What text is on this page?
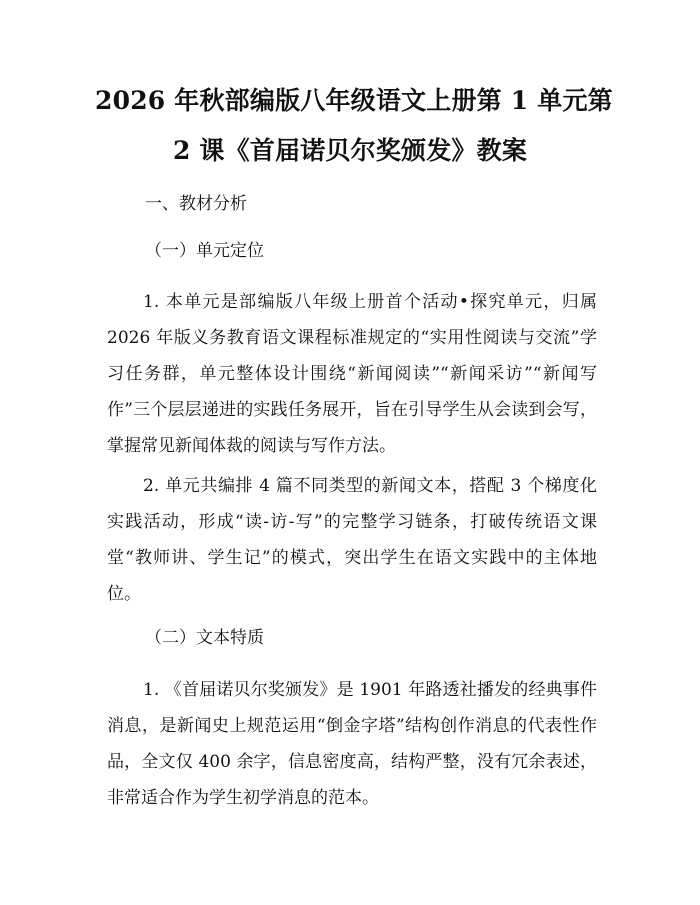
2026 年秋部编版八年级语文上册第 1 单元第
2 课《首届诺贝尔奖颁发》教案
一、教材分析
（一）单元定位

1. 本单元是部编版八年级上册首个活动•探究单元，归属 2026 年版义务教育语文课程标准规定的“实用性阅读与交流”学习任务群，单元整体设计围绕“新闻阅读”“新闻采访”“新闻写作”三个层层递进的实践任务展开，旨在引导学生从会读到会写，掌握常见新闻体裁的阅读与写作方法。

2. 单元共编排 4 篇不同类型的新闻文本，搭配 3 个梯度化实践活动，形成“读-访-写”的完整学习链条，打破传统语文课堂“教师讲、学生记”的模式，突出学生在语文实践中的主体地位。

（二）文本特质

1. 《首届诺贝尔奖颁发》是 1901 年路透社播发的经典事件消息，是新闻史上规范运用“倒金字塔”结构创作消息的代表性作品，全文仅 400 余字，信息密度高，结构严整，没有冗余表述，非常适合作为学生初学消息的范本。
